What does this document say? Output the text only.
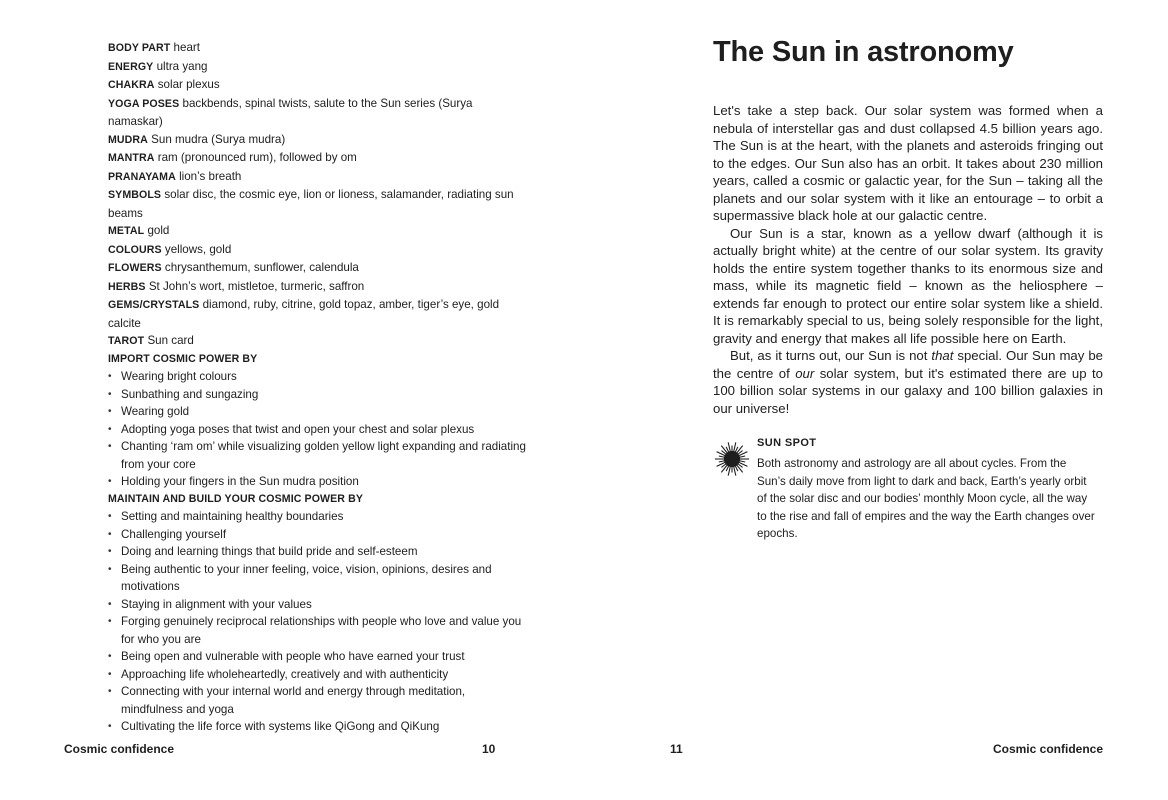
BODY PART heart
ENERGY ultra yang
CHAKRA solar plexus
YOGA POSES backbends, spinal twists, salute to the Sun series (Surya namaskar)
MUDRA Sun mudra (Surya mudra)
MANTRA ram (pronounced rum), followed by om
PRANAYAMA lion’s breath
SYMBOLS solar disc, the cosmic eye, lion or lioness, salamander, radiating sun beams
METAL gold
COLOURS yellows, gold
FLOWERS chrysanthemum, sunflower, calendula
HERBS St John’s wort, mistletoe, turmeric, saffron
GEMS/CRYSTALS diamond, ruby, citrine, gold topaz, amber, tiger’s eye, gold calcite
TAROT Sun card
IMPORT COSMIC POWER BY
• Wearing bright colours
• Sunbathing and sungazing
• Wearing gold
• Adopting yoga poses that twist and open your chest and solar plexus
• Chanting ‘ram om’ while visualizing golden yellow light expanding and radiating from your core
• Holding your fingers in the Sun mudra position
MAINTAIN AND BUILD YOUR COSMIC POWER BY
• Setting and maintaining healthy boundaries
• Challenging yourself
• Doing and learning things that build pride and self-esteem
• Being authentic to your inner feeling, voice, vision, opinions, desires and motivations
• Staying in alignment with your values
• Forging genuinely reciprocal relationships with people who love and value you for who you are
• Being open and vulnerable with people who have earned your trust
• Approaching life wholeheartedly, creatively and with authenticity
• Connecting with your internal world and energy through meditation, mindfulness and yoga
• Cultivating the life force with systems like QiGong and QiKung
Cosmic confidence	10	11	Cosmic confidence
The Sun in astronomy

Let's take a step back. Our solar system was formed when a nebula of interstellar gas and dust collapsed 4.5 billion years ago. The Sun is at the heart, with the planets and asteroids fringing out to the edges. Our Sun also has an orbit. It takes about 230 million years, called a cosmic or galactic year, for the Sun – taking all the planets and our solar system with it like an entourage – to orbit a supermassive black hole at our galactic centre.

Our Sun is a star, known as a yellow dwarf (although it is actually bright white) at the centre of our solar system. Its gravity holds the entire system together thanks to its enormous size and mass, while its magnetic field – known as the heliosphere – extends far enough to protect our entire solar system like a shield. It is remarkably special to us, being solely responsible for the light, gravity and energy that makes all life possible here on Earth.

But, as it turns out, our Sun is not that special. Our Sun may be the centre of our solar system, but it's estimated there are up to 100 billion solar systems in our galaxy and 100 billion galaxies in our universe!

SUN SPOT

Both astronomy and astrology are all about cycles. From the Sun’s daily move from light to dark and back, Earth’s yearly orbit of the solar disc and our bodies’ monthly Moon cycle, all the way to the rise and fall of empires and the way the Earth changes over epochs.
